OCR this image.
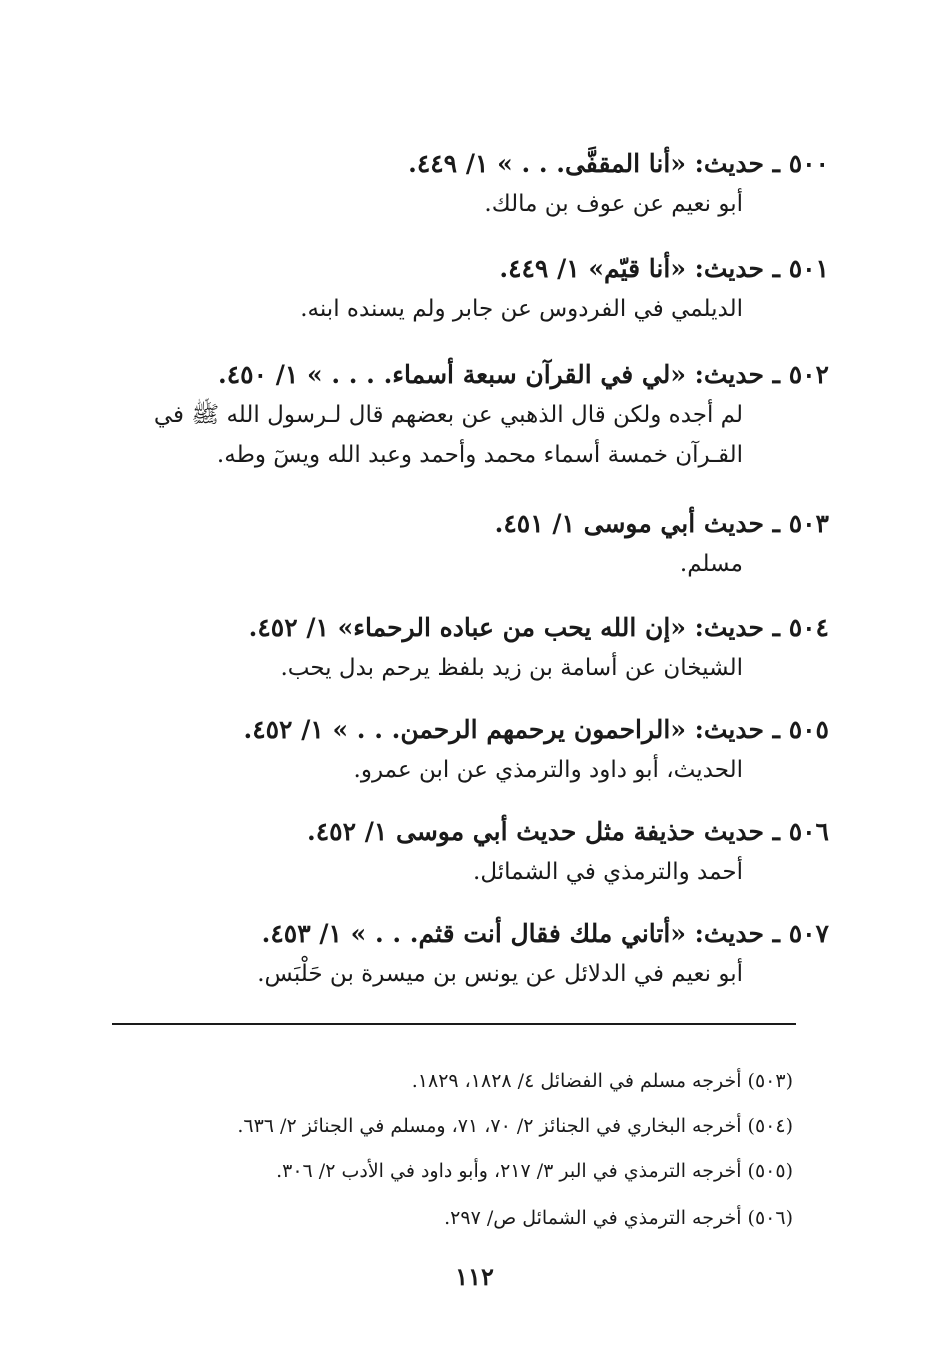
٥٠٠ ـ حديث: «أنا المقفَّى. . . » ١/ ٤٤٩.
أبو نعيم عن عوف بن مالك.
٥٠١ ـ حديث: «أنا قيّم» ١/ ٤٤٩.
الديلمي في الفردوس عن جابر ولم يسنده ابنه.
٥٠٢ ـ حديث: «لي في القرآن سبعة أسماء. . . . » ١/ ٤٥٠.
لم أجده ولكن قال الذهبي عن بعضهم قال لـرسول الله ﷺ في القـرآن خمسة أسماء محمد وأحمد وعبد الله ويسٓ وطه.
٥٠٣ ـ حديث أبي موسى ١/ ٤٥١.
مسلم.
٥٠٤ ـ حديث: «إن الله يحب من عباده الرحماء» ١/ ٤٥٢.
الشيخان عن أسامة بن زيد بلفظ يرحم بدل يحب.
٥٠٥ ـ حديث: «الراحمون يرحمهم الرحمن. . . » ١/ ٤٥٢.
الحديث، أبو داود والترمذي عن ابن عمرو.
٥٠٦ ـ حديث حذيفة مثل حديث أبي موسى ١/ ٤٥٢.
أحمد والترمذي في الشمائل.
٥٠٧ ـ حديث: «أتاني ملك فقال أنت قثم. . . » ١/ ٤٥٣.
أبو نعيم في الدلائل عن يونس بن ميسرة بن حَلْبَس.
(٥٠٣) أخرجه مسلم في الفضائل ٤/ ١٨٢٨، ١٨٢٩.
(٥٠٤) أخرجه البخاري في الجنائز ٢/ ٧٠، ٧١، ومسلم في الجنائز ٢/ ٦٣٦.
(٥٠٥) أخرجه الترمذي في البر ٣/ ٢١٧، وأبو داود في الأدب ٢/ ٣٠٦.
(٥٠٦) أخرجه الترمذي في الشمائل ص/ ٢٩٧.
١١٢
